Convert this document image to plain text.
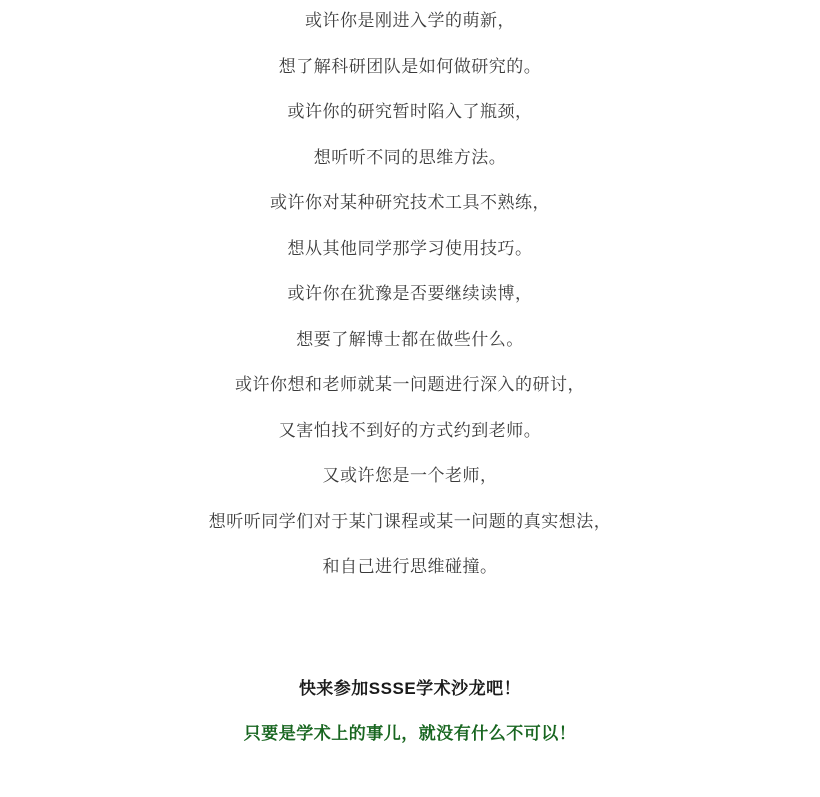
或许你是刚进入学的萌新，

想了解科研团队是如何做研究的。

或许你的研究暂时陷入了瓶颈，

想听听不同的思维方法。

或许你对某种研究技术工具不熟练，

想从其他同学那学习使用技巧。

或许你在犹豫是否要继续读博，

想要了解博士都在做些什么。

或许你想和老师就某一问题进行深入的研讨，

又害怕找不到好的方式约到老师。

又或许您是一个老师，

想听听同学们对于某门课程或某一问题的真实想法，

和自己进行思维碰撞。

快来参加SSSE学术沙龙吧！

只要是学术上的事儿，就没有什么不可以！
